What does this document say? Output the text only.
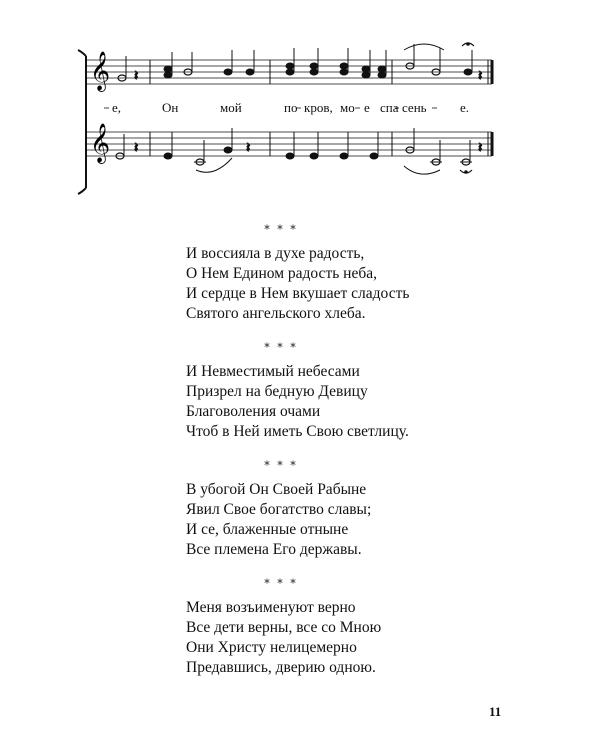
𝄞
𝄞
𝄽	𝄽
𝄽	𝄽	𝄽
е,	Он	мой	по кров, мо е спа сень	е.
* * *
И воссияла в духе радость,
О Нем Едином радость неба,
И сердце в Нем вкушает сладость
Святого ангельского хлеба.
* * *
И Невместимый небесами
Призрел на бедную Девицу
Благоволения очами
Чтоб в Ней иметь Свою светлицу.
* * *
В убогой Он Своей Рабыне
Явил Свое богатство славы;
И се, блаженные отныне
Все племена Его державы.
* * *
Меня возъименуют верно
Все дети верны, все со Мною
Они Христу нелицемерно
Предавшись, дверию одною.
11
